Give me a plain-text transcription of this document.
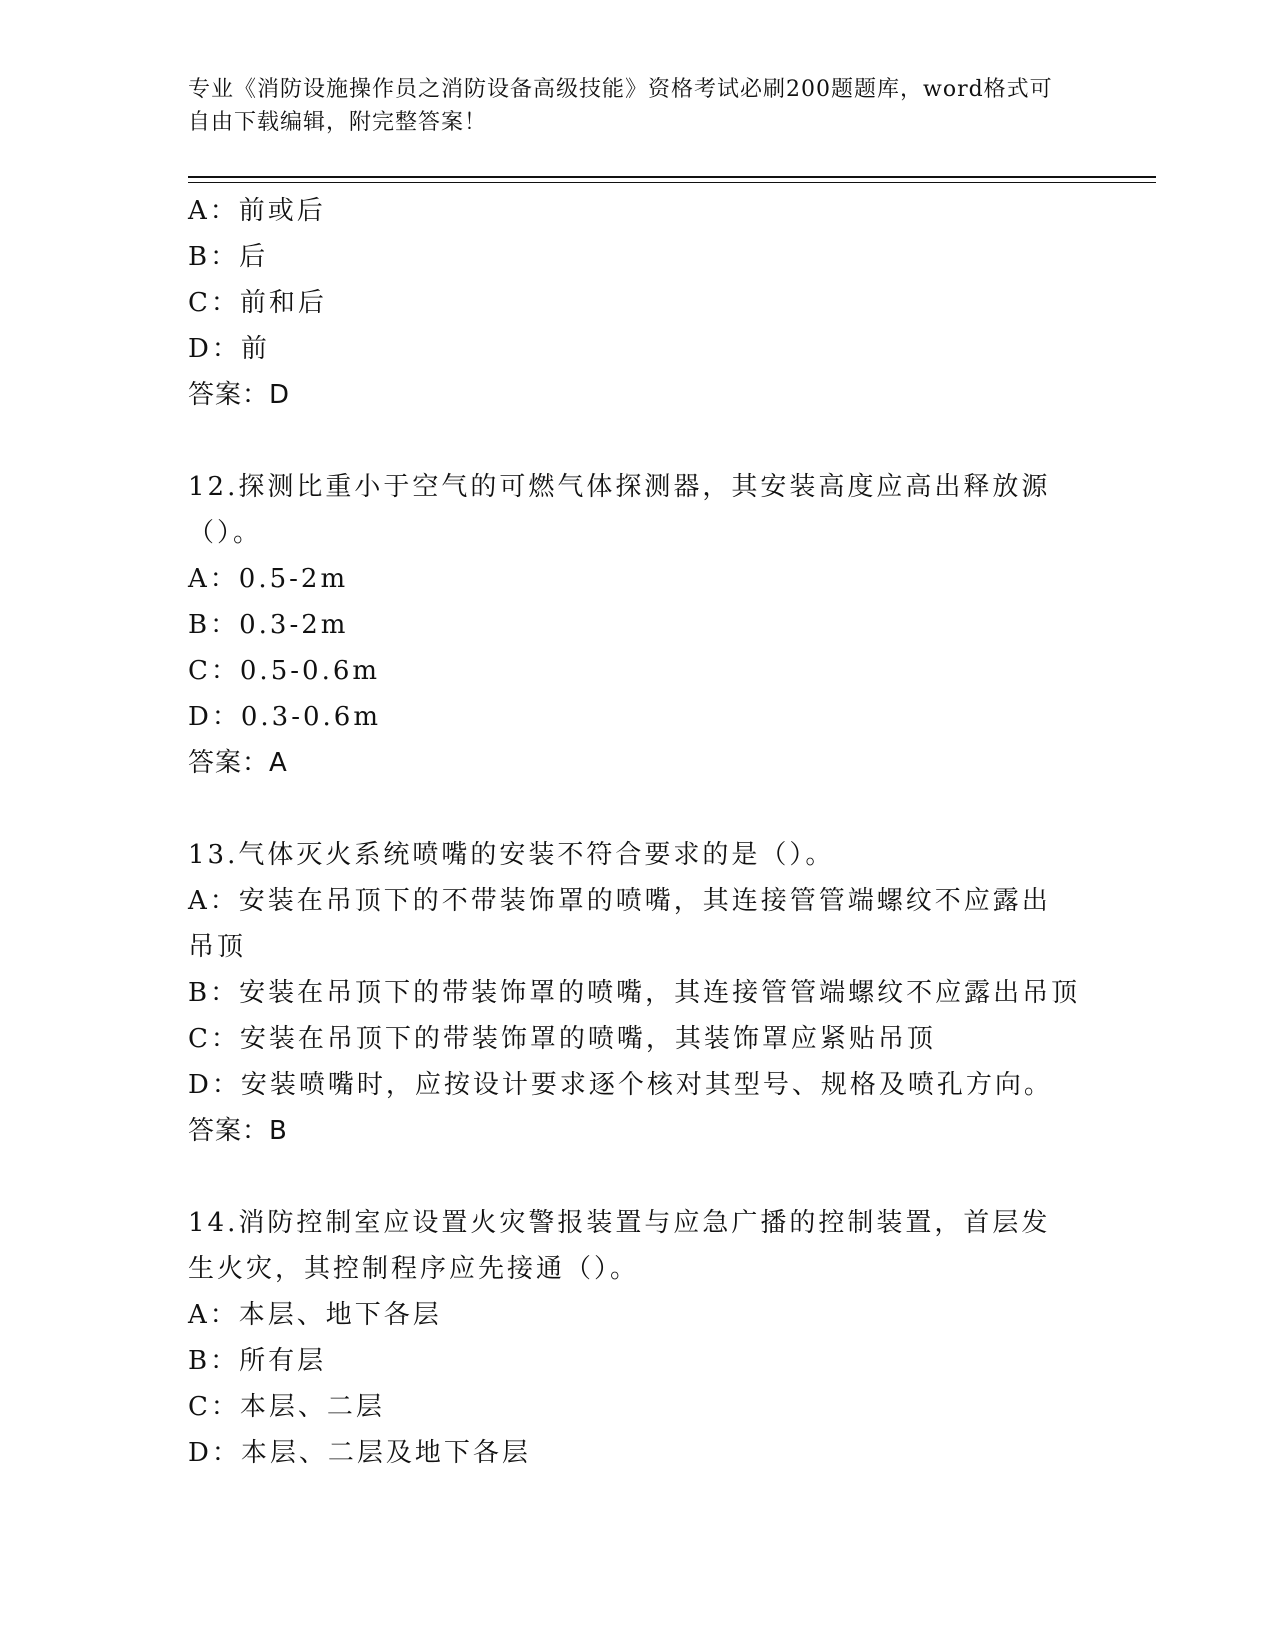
专业《消防设施操作员之消防设备高级技能》资格考试必刷200题题库，word格式可自由下载编辑，附完整答案！
A：前或后
B：后
C：前和后
D：前
答案：D
12.探测比重小于空气的可燃气体探测器，其安装高度应高出释放源（）。
A：0.5-2m
B：0.3-2m
C：0.5-0.6m
D：0.3-0.6m
答案：A
13.气体灭火系统喷嘴的安装不符合要求的是（）。
A：安装在吊顶下的不带装饰罩的喷嘴，其连接管管端螺纹不应露出吊顶
B：安装在吊顶下的带装饰罩的喷嘴，其连接管管端螺纹不应露出吊顶
C：安装在吊顶下的带装饰罩的喷嘴，其装饰罩应紧贴吊顶
D：安装喷嘴时，应按设计要求逐个核对其型号、规格及喷孔方向。
答案：B
14.消防控制室应设置火灾警报装置与应急广播的控制装置，首层发生火灾，其控制程序应先接通（）。
A：本层、地下各层
B：所有层
C：本层、二层
D：本层、二层及地下各层
